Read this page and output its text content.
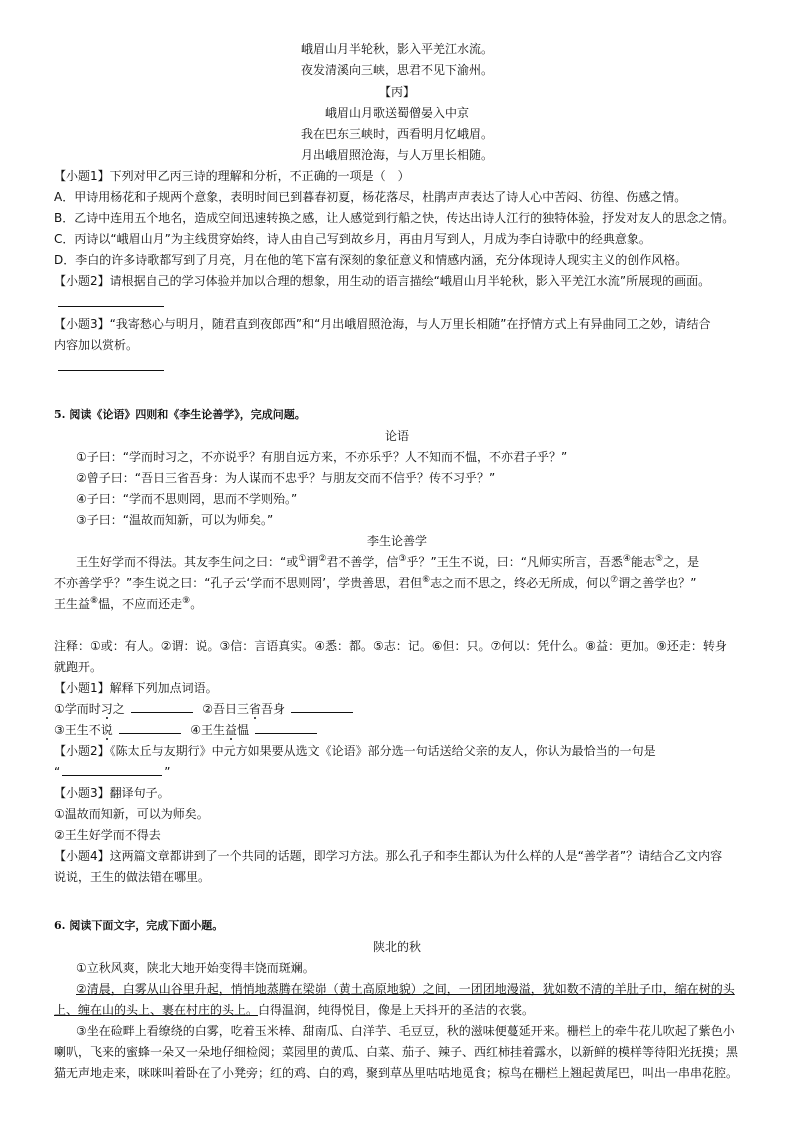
峨眉山月半轮秋，影入平羌江水流。
夜发清溪向三峡，思君不见下渝州。
【丙】
峨眉山月歌送蜀僧晏入中京
我在巴东三峡时，西看明月忆峨眉。
月出峨眉照沧海，与人万里长相随。
【小题1】下列对甲乙丙三诗的理解和分析，不正确的一项是（　）
A．甲诗用杨花和子规两个意象，表明时间已到暮春初夏，杨花落尽，杜鹃声声表达了诗人心中苦闷、彷徨、伤感之情。
B．乙诗中连用五个地名，造成空间迅速转换之感，让人感觉到行船之快，传达出诗人江行的独特体验，抒发对友人的思念之情。
C．丙诗以“峨眉山月”为主线贯穿始终，诗人由自己写到故乡月，再由月写到人，月成为李白诗歌中的经典意象。
D．李白的许多诗歌都写到了月亮，月在他的笔下富有深刻的象征意义和情感内涵，充分体现诗人现实主义的创作风格。
【小题2】请根据自己的学习体验并加以合理的想象，用生动的语言描绘“峨眉山月半轮秋，影入平羌江水流”所展现的画面。
【小题3】“我寄愁心与明月，随君直到夜郎西”和“月出峨眉照沧海，与人万里长相随”在抒情方式上有异曲同工之妙，请结合
内容加以赏析。
5. 阅读《论语》四则和《李生论善学》，完成问题。
论语
①子曰：“学而时习之，不亦说乎？有朋自远方来，不亦乐乎？人不知而不愠，不亦君子乎？”
②曾子曰：“吾日三省吾身：为人谋而不忠乎？与朋友交而不信乎？传不习乎？”
④子曰：“学而不思则罔，思而不学则殆。”
③子曰：“温故而知新，可以为师矣。”
李生论善学
王生好学而不得法。其友李生问之曰：“或①谓②君不善学，信③乎？”王生不说，曰：“凡师实所言，吾悉④能志⑤之，是
不亦善学乎？”李生说之曰：“孔子云‘学而不思则罔’，学贵善思，君但⑥志之而不思之，终必无所成，何以⑦谓之善学也？”
王生益⑧愠，不应而还走⑨。
注释：①或：有人。②谓：说。③信：言语真实。④悉：都。⑤志：记。⑥但：只。⑦何以：凭什么。⑧益：更加。⑨还走：转身
就跑开。
【小题1】解释下列加点词语。
①学而时习之	②吾日三省吾身
③王生不说	④王生益愠
【小题2】《陈太丘与友期行》中元方如果要从选文《论语》部分选一句话送给父亲的友人，你认为最恰当的一句是
“	”
【小题3】翻译句子。
①温故而知新，可以为师矣。
②王生好学而不得去
【小题4】这两篇文章都讲到了一个共同的话题，即学习方法。那么孔子和李生都认为什么样的人是“善学者”？请结合乙文内容
说说，王生的做法错在哪里。
6. 阅读下面文字，完成下面小题。
陕北的秋
①立秋风爽，陕北大地开始变得丰饶而斑斓。
②清晨，白雾从山谷里升起，悄悄地蒸腾在梁峁（黄土高原地貌）之间，一团团地漫溢，犹如数不清的羊肚子巾，缩在树的头
上、缠在山的头上、裹在村庄的头上。白得温润，纯得悦目，像是上天抖开的圣洁的衣裳。
③坐在硷畔上看缭绕的白雾，吃着玉米棒、甜南瓜、白洋芋、毛豆豆，秋的滋味便蔓延开来。栅栏上的牵牛花儿吹起了紫色小
喇叭，飞来的蜜蜂一朵又一朵地仔细检阅；菜园里的黄瓜、白菜、茄子、辣子、西红柿挂着露水，以新鲜的模样等待阳光抚摸；黑
猫无声地走来，咪咪叫着卧在了小凳旁；红的鸡、白的鸡，聚到草丛里咕咕地觅食；椋鸟在栅栏上翘起黄尾巴，叫出一串串花腔。
